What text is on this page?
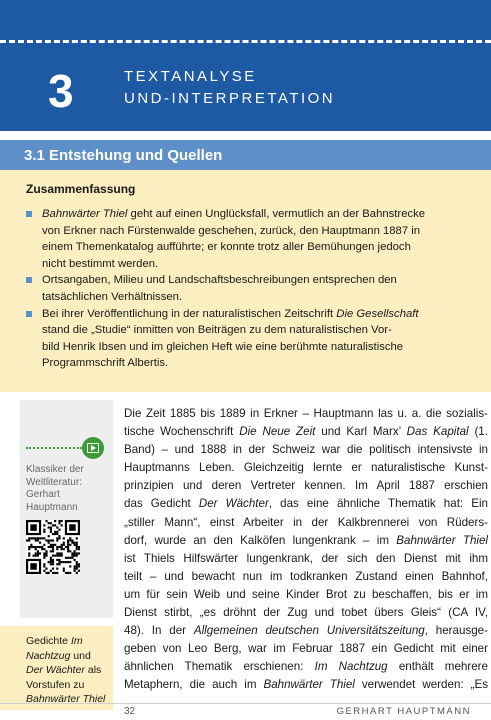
3	TEXTANALYSE
UND-INTERPRETATION
3.1 Entstehung und Quellen
Zusammenfassung
Bahnwärter Thiel geht auf einen Unglücksfall, vermutlich an der Bahnstrecke
von Erkner nach Fürstenwalde geschehen, zurück, den Hauptmann 1887 in
einem Themenkatalog aufführte; er konnte trotz aller Bemühungen jedoch
nicht bestimmt werden.
Ortsangaben, Milieu und Landschaftsbeschreibungen entsprechen den
tatsächlichen Verhältnissen.
Bei ihrer Veröffentlichung in der naturalistischen Zeitschrift Die Gesellschaft
stand die „Studie“ inmitten von Beiträgen zu dem naturalistischen Vor-
bild Henrik Ibsen und im gleichen Heft wie eine berühmte naturalistische
Programmschrift Albertis.
Klassiker der
Weltliteratur:
Gerhart
Hauptmann
Gedichte Im
Nachtzug und
Der Wächter als
Vorstufen zu
Bahnwärter Thiel
Die Zeit 1885 bis 1889 in Erkner – Hauptmann las u. a. die sozialis-
tische Wochenschrift Die Neue Zeit und Karl Marx’ Das Kapital (1.
Band) – und 1888 in der Schweiz war die politisch intensivste in
Hauptmanns Leben. Gleichzeitig lernte er naturalistische Kunst-
prinzipien und deren Vertreter kennen. Im April 1887 erschien
das Gedicht Der Wächter, das eine ähnliche Thematik hat: Ein
„stiller Mann“, einst Arbeiter in der Kalkbrennerei von Rüders-
dorf, wurde an den Kalköfen lungenkrank – im Bahnwärter Thiel
ist Thiels Hilfswärter lungenkrank, der sich den Dienst mit ihm
teilt – und bewacht nun im todkranken Zustand einen Bahnhof,
um für sein Weib und seine Kinder Brot zu beschaffen, bis er im
Dienst stirbt, „es dröhnt der Zug und tobet übers Gleis“ (CA IV,
48). In der Allgemeinen deutschen Universitätszeitung, herausge-
geben von Leo Berg, war im Februar 1887 ein Gedicht mit einer
ähnlichen Thematik erschienen: Im Nachtzug enthält mehrere
Metaphern, die auch im Bahnwärter Thiel verwendet werden: „Es
32	GERHART HAUPTMANN
